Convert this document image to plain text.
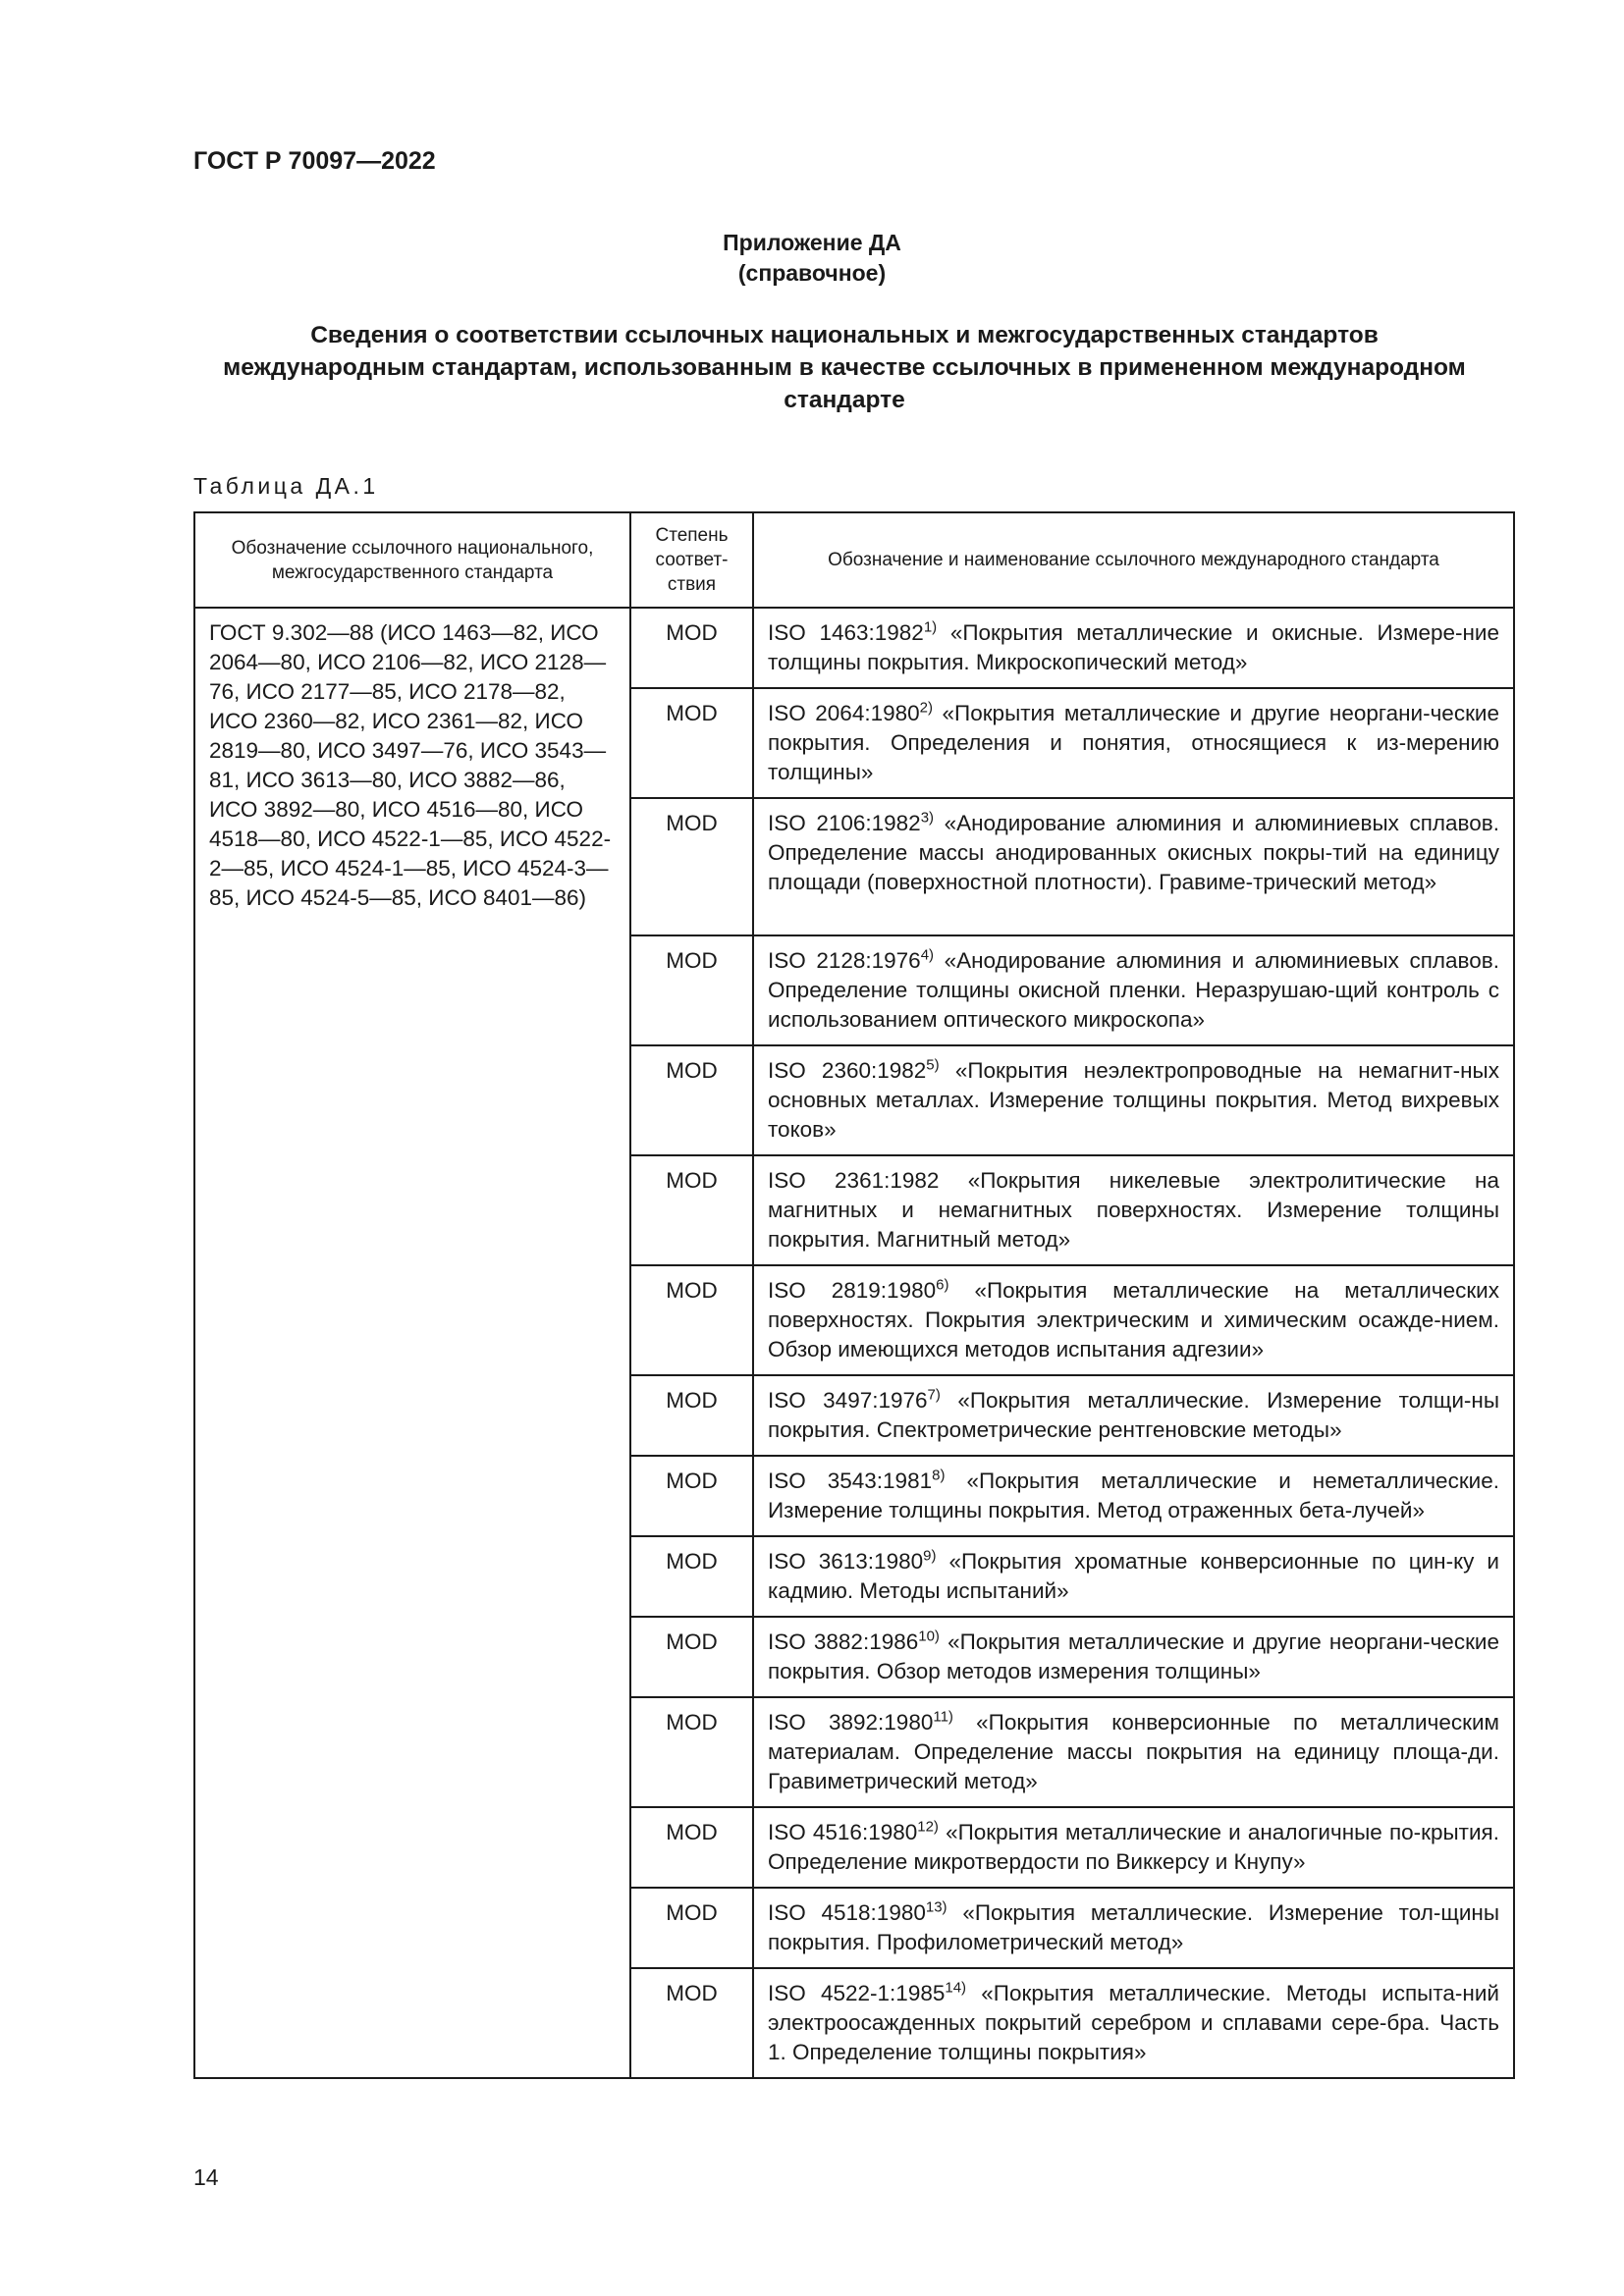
ГОСТ Р 70097—2022
Приложение ДА
(справочное)
Сведения о соответствии ссылочных национальных и межгосударственных стандартов международным стандартам, использованным в качестве ссылочных в примененном международном стандарте
Таблица ДА.1
Обозначение ссылочного национального, межгосударственного стандарта	Степень соответ-ствия	Обозначение и наименование ссылочного международного стандарта
ГОСТ 9.302—88 (ИСО 1463—82, ИСО 2064—80, ИСО 2106—82, ИСО 2128—76, ИСО 2177—85, ИСО 2178—82, ИСО 2360—82, ИСО 2361—82, ИСО 2819—80, ИСО 3497—76, ИСО 3543—81, ИСО 3613—80, ИСО 3882—86, ИСО 3892—80, ИСО 4516—80, ИСО 4518—80, ИСО 4522-1—85, ИСО 4522-2—85, ИСО 4524-1—85, ИСО 4524-3—85, ИСО 4524-5—85, ИСО 8401—86)	MOD	ISO 1463:1982$^{1)}$ «Покрытия металлические и окисные. Измере-ние толщины покрытия. Микроскопический метод»
	MOD	ISO 2064:1980$^{2)}$ «Покрытия металлические и другие неоргани-ческие покрытия. Определения и понятия, относящиеся к из-мерению толщины»
	MOD	ISO 2106:1982$^{3)}$ «Анодирование алюминия и алюминиевых сплавов. Определение массы анодированных окисных покры-тий на единицу площади (поверхностной плотности). Гравиме-трический метод»
	MOD	ISO 2128:1976$^{4)}$ «Анодирование алюминия и алюминиевых сплавов. Определение толщины окисной пленки. Неразрушаю-щий контроль с использованием оптического микроскопа»
	MOD	ISO 2360:1982$^{5)}$ «Покрытия неэлектропроводные на немагнит-ных основных металлах. Измерение толщины покрытия. Метод вихревых токов»
	MOD	ISO 2361:1982 «Покрытия никелевые электролитические на магнитных и немагнитных поверхностях. Измерение толщины покрытия. Магнитный метод»
	MOD	ISO 2819:1980$^{6)}$ «Покрытия металлические на металлических поверхностях. Покрытия электрическим и химическим осажде-нием. Обзор имеющихся методов испытания адгезии»
	MOD	ISO 3497:1976$^{7)}$ «Покрытия металлические. Измерение толщи-ны покрытия. Спектрометрические рентгеновские методы»
	MOD	ISO 3543:1981$^{8)}$ «Покрытия металлические и неметаллические. Измерение толщины покрытия. Метод отраженных бета-лучей»
	MOD	ISO 3613:1980$^{9)}$ «Покрытия хроматные конверсионные по цин-ку и кадмию. Методы испытаний»
	MOD	ISO 3882:1986$^{10)}$ «Покрытия металлические и другие неоргани-ческие покрытия. Обзор методов измерения толщины»
	MOD	ISO 3892:1980$^{11)}$ «Покрытия конверсионные по металлическим материалам. Определение массы покрытия на единицу площа-ди. Гравиметрический метод»
	MOD	ISO 4516:1980$^{12)}$ «Покрытия металлические и аналогичные по-крытия. Определение микротвердости по Виккерсу и Кнупу»
	MOD	ISO 4518:1980$^{13)}$ «Покрытия металлические. Измерение тол-щины покрытия. Профилометрический метод»
	MOD	ISO 4522-1:1985$^{14)}$ «Покрытия металлические. Методы испыта-ний электроосажденных покрытий серебром и сплавами сере-бра. Часть 1. Определение толщины покрытия»
14
